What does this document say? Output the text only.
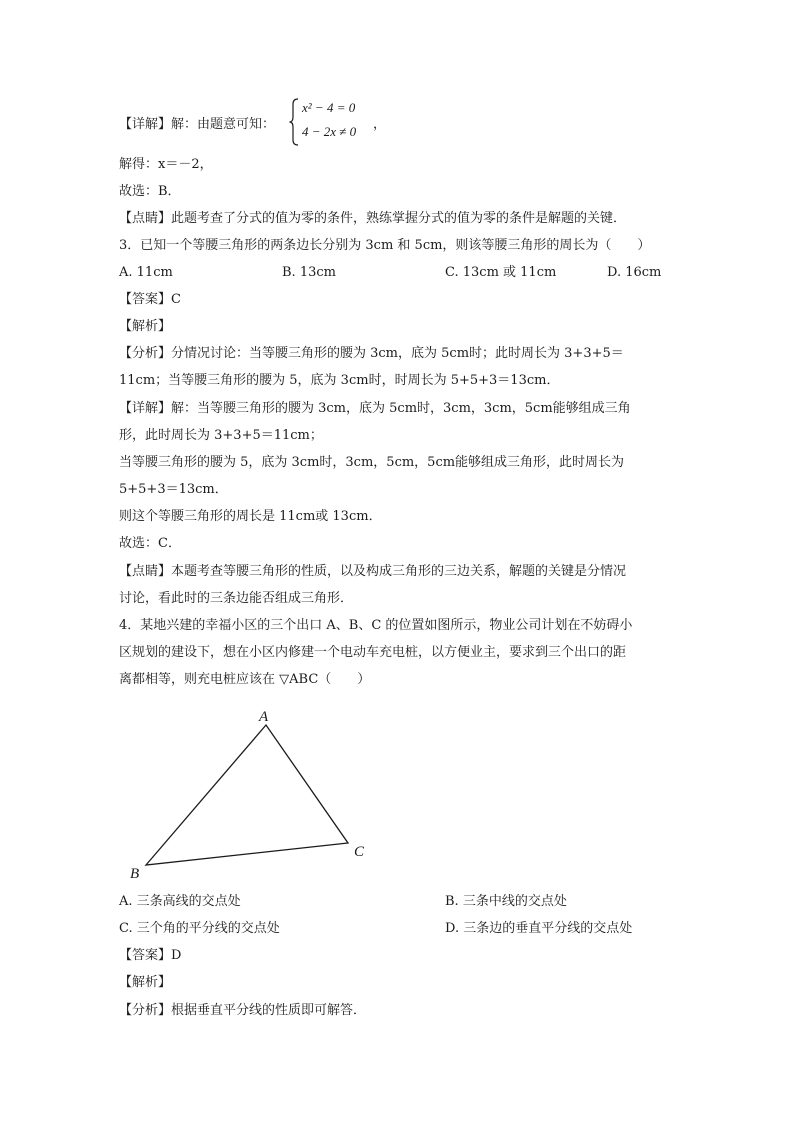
【详解】解：由题意可知：
x² − 4 = 0
4 − 2x ≠ 0 ，
解得：x＝－2，
故选：B．
【点睛】此题考查了分式的值为零的条件，熟练掌握分式的值为零的条件是解题的关键．
3．已知一个等腰三角形的两条边长分别为 3cm 和 5cm，则该等腰三角形的周长为（　　）
A. 11cm	B. 13cm	C. 13cm 或 11cm	D. 16cm
【答案】C
【解析】
【分析】分情况讨论：当等腰三角形的腰为 3cm，底为 5cm时；此时周长为 3+3+5＝
11cm；当等腰三角形的腰为 5，底为 3cm时，时周长为 5+5+3＝13cm．
【详解】解：当等腰三角形的腰为 3cm，底为 5cm时，3cm，3cm，5cm能够组成三角
形，此时周长为 3+3+5＝11cm；
当等腰三角形的腰为 5，底为 3cm时，3cm，5cm，5cm能够组成三角形，此时周长为
5+5+3＝13cm．
则这个等腰三角形的周长是 11cm或 13cm．
故选：C．
【点睛】本题考查等腰三角形的性质，以及构成三角形的三边关系，解题的关键是分情况
讨论，看此时的三条边能否组成三角形．
4．某地兴建的幸福小区的三个出口 A、B、C 的位置如图所示，物业公司计划在不妨碍小
区规划的建设下，想在小区内修建一个电动车充电桩，以方便业主，要求到三个出口的距
离都相等，则充电桩应该在 ▽ABC（　　）
A
B
C
A. 三条高线的交点处	B. 三条中线的交点处
C. 三个角的平分线的交点处	D. 三条边的垂直平分线的交点处
【答案】D
【解析】
【分析】根据垂直平分线的性质即可解答．
